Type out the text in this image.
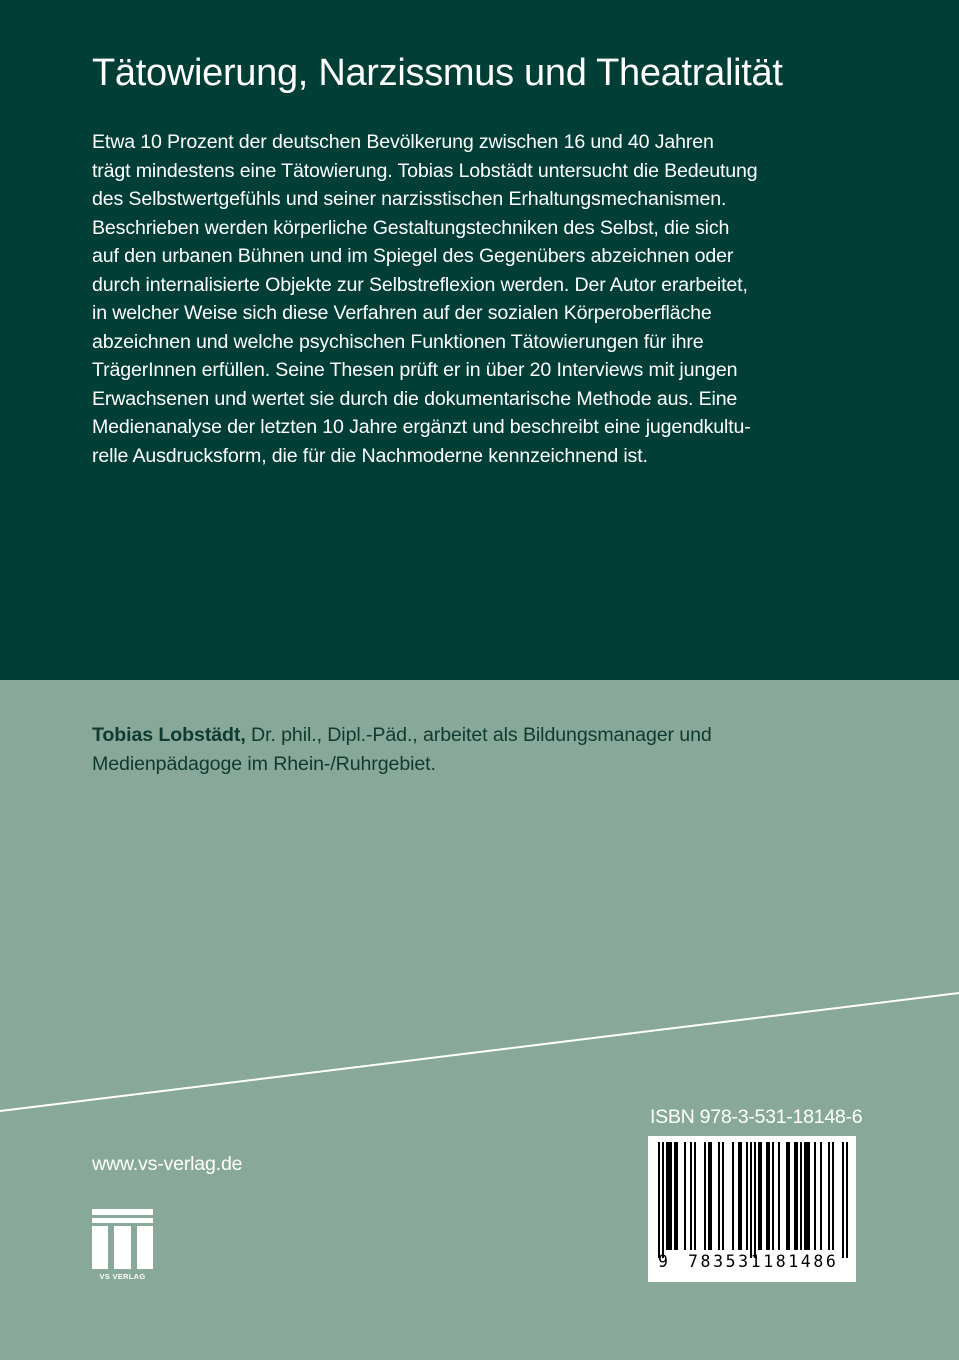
Tätowierung, Narzissmus und Theatralität
Etwa 10 Prozent der deutschen Bevölkerung zwischen 16 und 40 Jahren
trägt mindestens eine Tätowierung. Tobias Lobstädt untersucht die Bedeutung
des Selbstwertgefühls und seiner narzisstischen Erhaltungsmechanismen.
Beschrieben werden körperliche Gestaltungstechniken des Selbst, die sich
auf den urbanen Bühnen und im Spiegel des Gegenübers abzeichnen oder
durch internalisierte Objekte zur Selbstreflexion werden. Der Autor erarbeitet,
in welcher Weise sich diese Verfahren auf der sozialen Körperoberfläche
abzeichnen und welche psychischen Funktionen Tätowierungen für ihre
TrägerInnen erfüllen. Seine Thesen prüft er in über 20 Interviews mit jungen
Erwachsenen und wertet sie durch die dokumentarische Methode aus. Eine
Medienanalyse der letzten 10 Jahre ergänzt und beschreibt eine jugendkultu-
relle Ausdrucksform, die für die Nachmoderne kennzeichnend ist.
Tobias Lobstädt, Dr. phil., Dipl.-Päd., arbeitet als Bildungsmanager und
Medienpädagoge im Rhein-/Ruhrgebiet.
www.vs-verlag.de
VS VERLAG
ISBN 978-3-531-18148-6
9 783531181486
